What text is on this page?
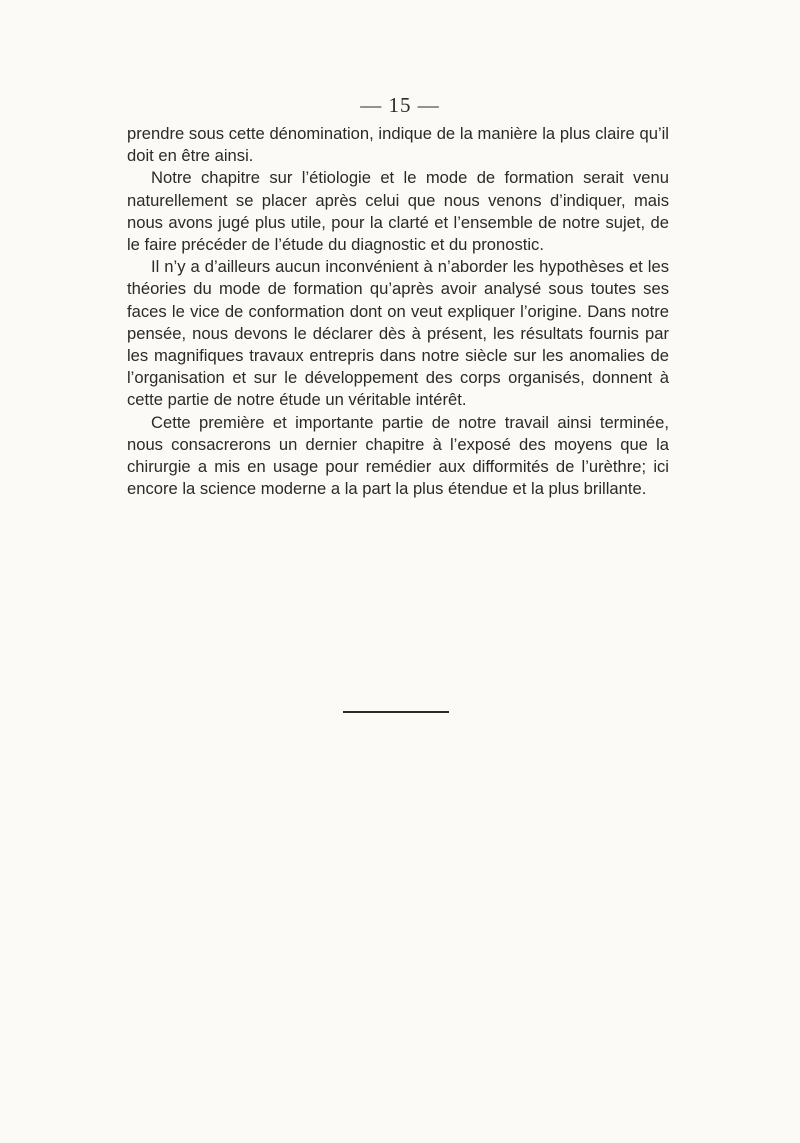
— 15 —

prendre sous cette dénomination, indique de la manière la plus claire qu’il doit en être ainsi.

Notre chapitre sur l’étiologie et le mode de formation serait venu naturellement se placer après celui que nous venons d’indiquer, mais nous avons jugé plus utile, pour la clarté et l’ensemble de notre sujet, de le faire précéder de l’étude du diagnostic et du pronostic.

Il n’y a d’ailleurs aucun inconvénient à n’aborder les hypothèses et les théories du mode de formation qu’après avoir analysé sous toutes ses faces le vice de conformation dont on veut expliquer l’origine. Dans notre pensée, nous devons le déclarer dès à présent, les résultats fournis par les magnifiques travaux entrepris dans notre siècle sur les anomalies de l’organisation et sur le développement des corps organisés, donnent à cette partie de notre étude un véritable intérêt.

Cette première et importante partie de notre travail ainsi terminée, nous consacrerons un dernier chapitre à l’exposé des moyens que la chirurgie a mis en usage pour remédier aux difformités de l’urèthre; ici encore la science moderne a la part la plus étendue et la plus brillante.
